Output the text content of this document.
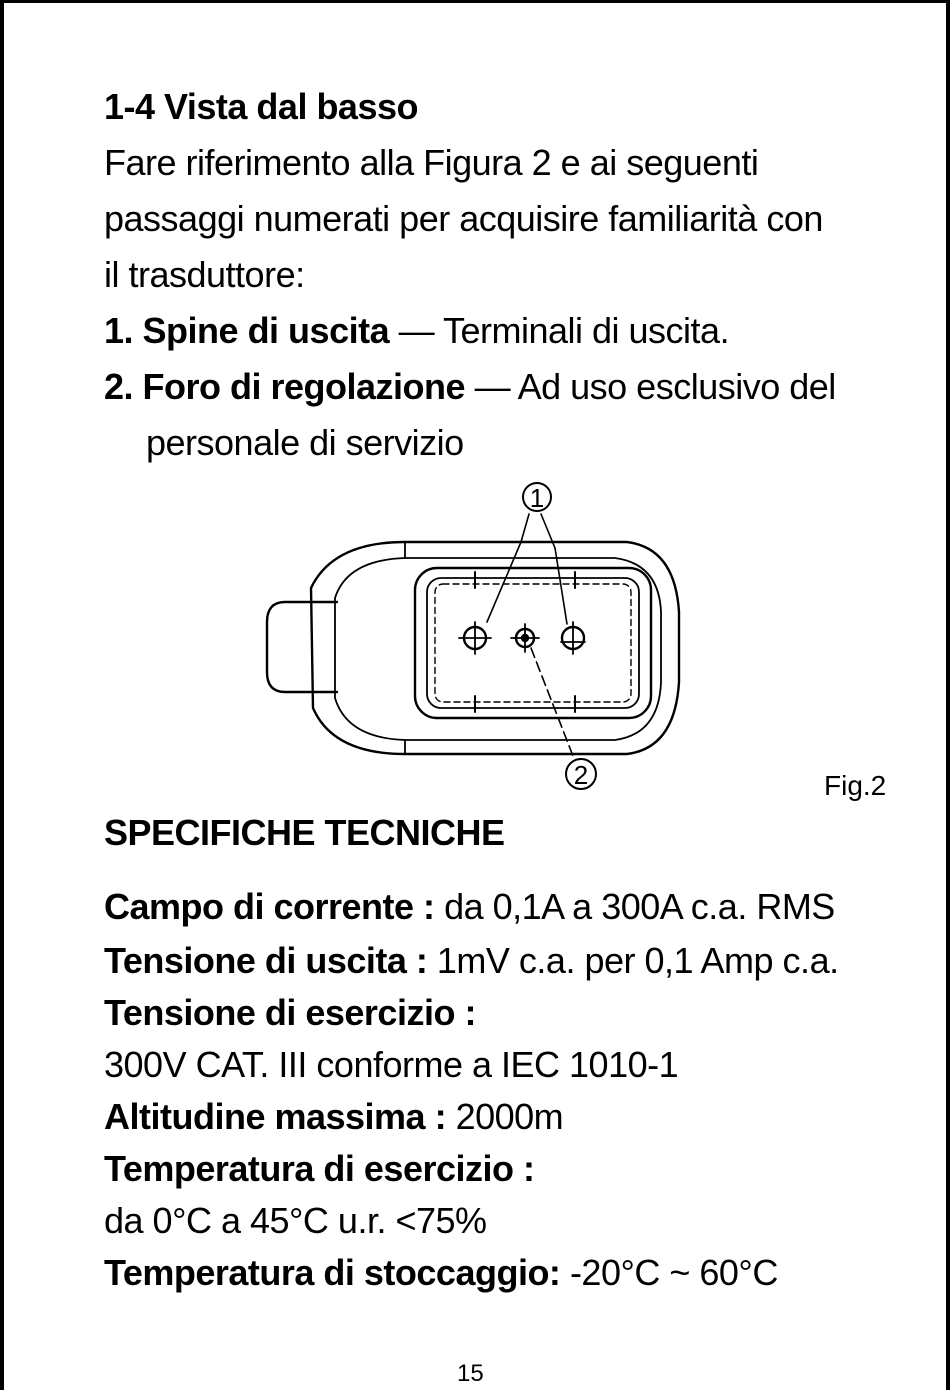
1-4 Vista dal basso
Fare riferimento alla Figura 2 e ai seguenti
passaggi numerati per acquisire familiarità con
il trasduttore:
1. Spine di uscita — Terminali di uscita.
2. Foro di regolazione — Ad uso esclusivo del
personale di servizio
1
2	Fig.2
SPECIFICHE TECNICHE
Campo di corrente : da 0,1A a 300A c.a. RMS
Tensione di uscita : 1mV c.a. per 0,1 Amp c.a.
Tensione di esercizio :
300V CAT. III conforme a IEC 1010-1
Altitudine massima : 2000m
Temperatura di esercizio :
da 0°C a 45°C u.r. <75%
Temperatura di stoccaggio: -20°C ~ 60°C
15
